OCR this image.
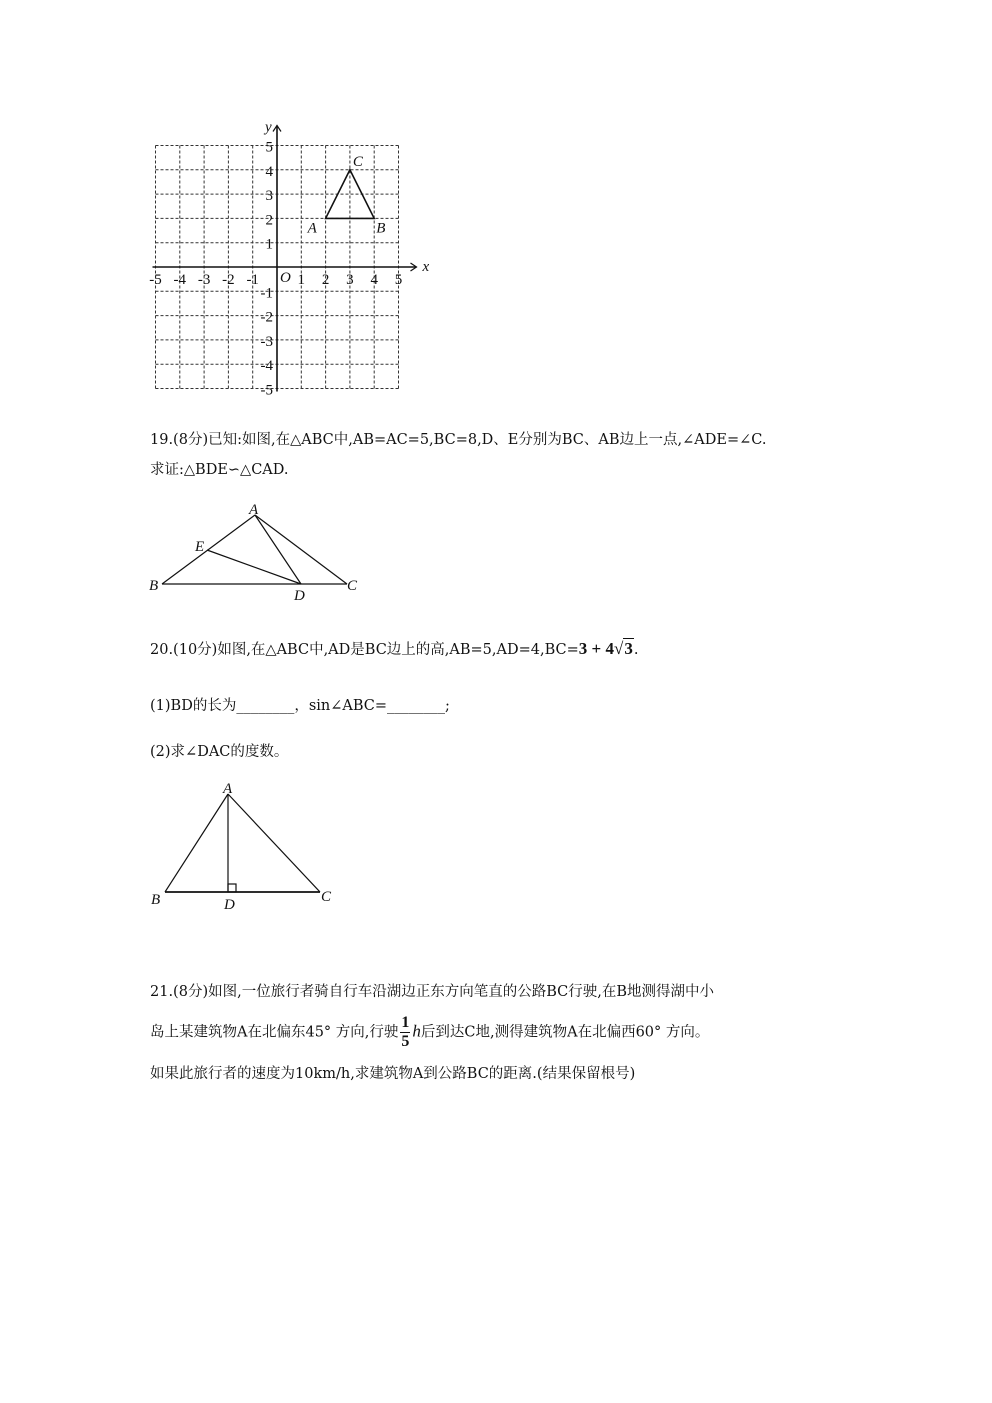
x
y
O
-5 -4 -3 -2 -1	1 2 3 4 5
5
4
3
2
1
-1
-2
-3
-4
-5
A	B
C
19.(8分)已知:如图,在△ABC中,AB=AC=5,BC=8,D、E分别为BC、AB边上一点,∠ADE=∠C.
求证:△BDE∽△CAD.
A
E
B
D
C
20.(10分)如图,在△ABC中,AD是BC边上的高,AB=5,AD=4,BC=3 + 4√3.
(1)BD的长为________，sin∠ABC=________;
(2)求∠DAC的度数。
A
B	D	C
21.(8分)如图,一位旅行者骑自行车沿湖边正东方向笔直的公路BC行驶,在B地测得湖中小
岛上某建筑物A在北偏东45° 方向,行驶 $\frac{1}{5}$ h后到达C地,测得建筑物A在北偏西60° 方向。
如果此旅行者的速度为10km/h,求建筑物A到公路BC的距离.(结果保留根号)
